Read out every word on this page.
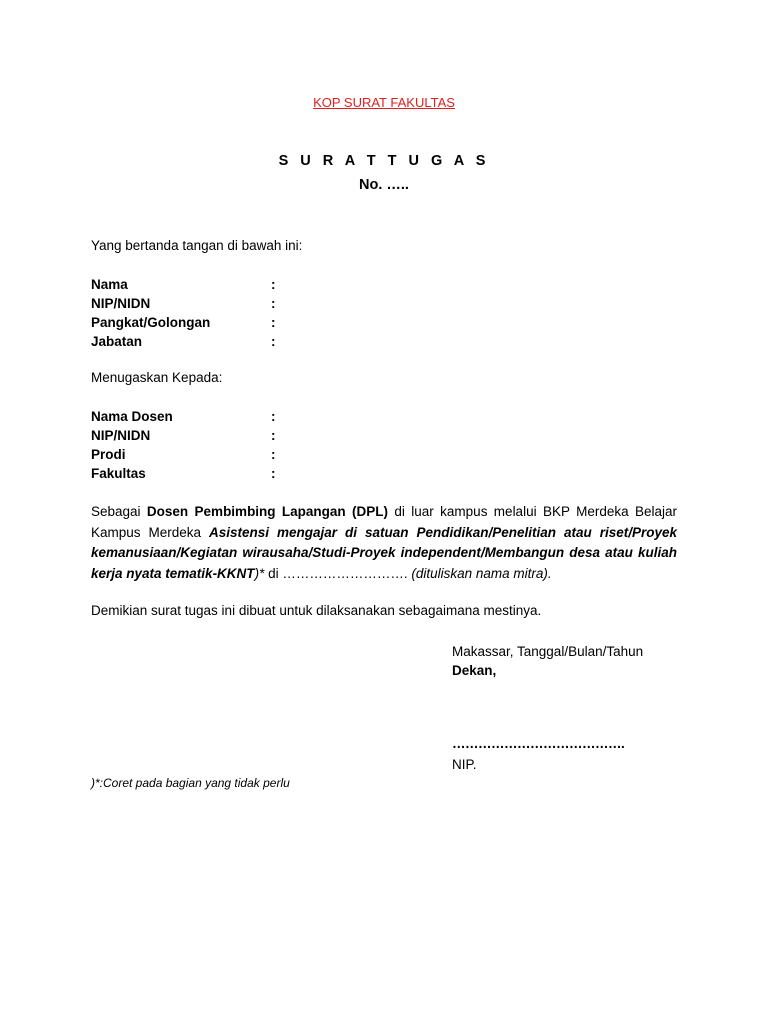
KOP SURAT FAKULTAS
S U R A T T U G A S
No. …..
Yang bertanda tangan di bawah ini:
Nama	:
NIP/NIDN	:
Pangkat/Golongan	:
Jabatan	:
Menugaskan Kepada:
Nama Dosen	:
NIP/NIDN	:
Prodi	:
Fakultas	:
Sebagai Dosen Pembimbing Lapangan (DPL) di luar kampus melalui BKP Merdeka Belajar Kampus Merdeka Asistensi mengajar di satuan Pendidikan/Penelitian atau riset/Proyek kemanusiaan/Kegiatan wirausaha/Studi-Proyek independent/Membangun desa atau kuliah kerja nyata tematik-KKNT)* di ………………………. (dituliskan nama mitra).
Demikian surat tugas ini dibuat untuk dilaksanakan sebagaimana mestinya.
Makassar, Tanggal/Bulan/Tahun
Dekan,
………………………………….
NIP.
)*:Coret pada bagian yang tidak perlu
